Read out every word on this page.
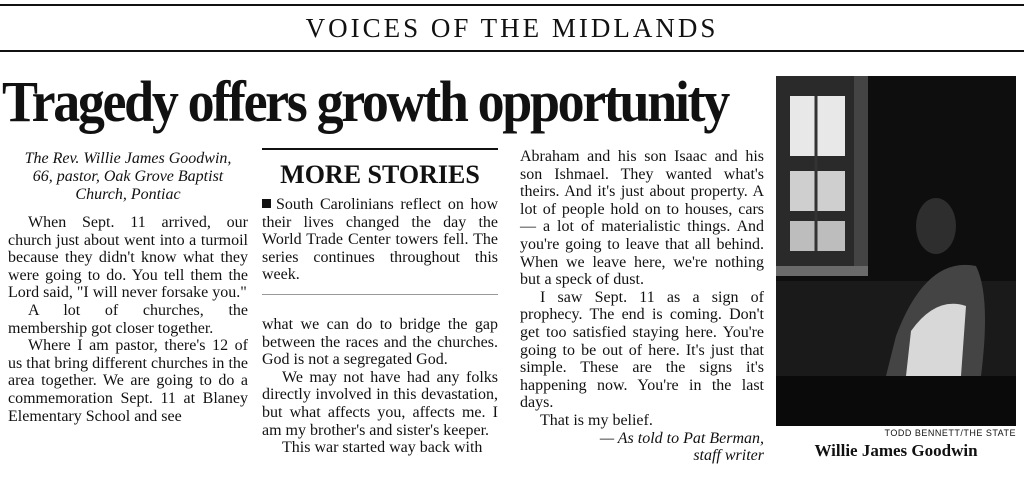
VOICES OF THE MIDLANDS
Tragedy offers growth opportunity
The Rev. Willie James Goodwin,
66, pastor, Oak Grove Baptist
Church, Pontiac

When Sept. 11 arrived, our church just about went into a turmoil because they didn't know what they were going to do. You tell them the Lord said, "I will never forsake you."

A lot of churches, the membership got closer together.

Where I am pastor, there's 12 of us that bring different churches in the area together. We are going to do a commemoration Sept. 11 at Blaney Elementary School and see

MORE STORIES
South Carolinians reflect on how their lives changed the day the World Trade Center towers fell. The series continues throughout this week.

what we can do to bridge the gap between the races and the churches. God is not a segregated God.

We may not have had any folks directly involved in this devastation, but what affects you, affects me. I am my brother's and sister's keeper.

This war started way back with

Abraham and his son Isaac and his son Ishmael. They wanted what's theirs. And it's just about property. A lot of people hold on to houses, cars — a lot of materialistic things. And you're going to leave that all behind. When we leave here, we're nothing but a speck of dust.

I saw Sept. 11 as a sign of prophecy. The end is coming. Don't get too satisfied staying here. You're going to be out of here. It's just that simple. These are the signs it's happening now. You're in the last days.

That is my belief.

— As told to Pat Berman,
staff writer
TODD BENNETT/THE STATE
Willie James Goodwin
